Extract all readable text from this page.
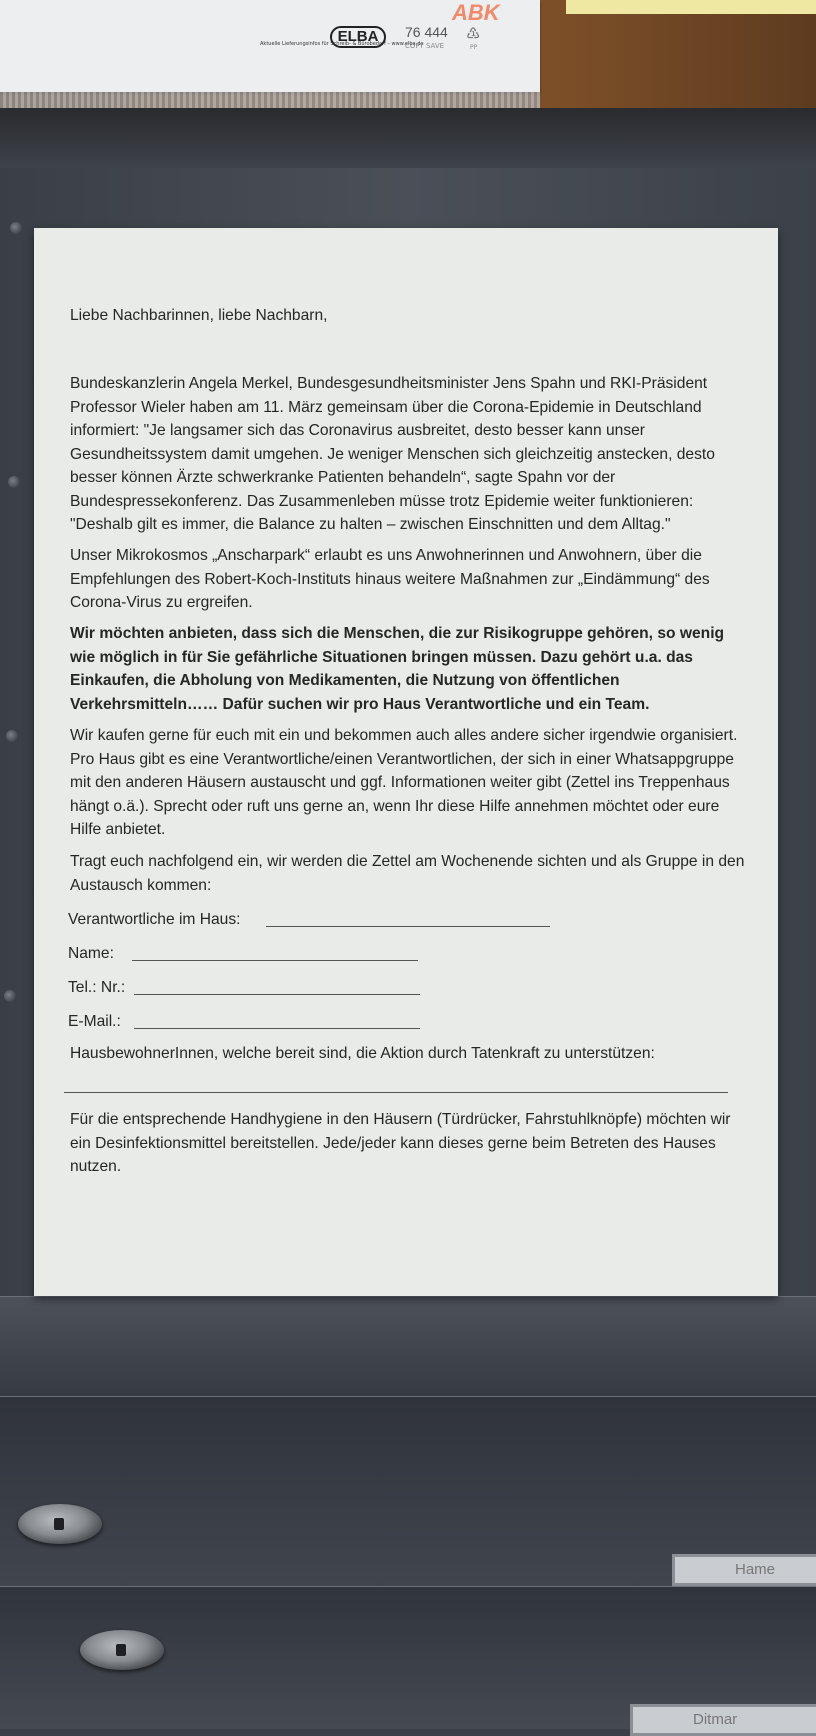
Aktuelle Lieferungsinfos für Schreib- & Bürobedarf – www.elba.de
ELBA	76 444
COPY SAVE
ABK
♳
PP
Hame
Ditmar

Liebe Nachbarinnen, liebe Nachbarn,

Bundeskanzlerin Angela Merkel, Bundesgesundheitsminister Jens Spahn und RKI-Präsident Professor Wieler haben am 11. März gemeinsam über die Corona-Epidemie in Deutschland informiert: "Je langsamer sich das Coronavirus ausbreitet, desto besser kann unser Gesundheitssystem damit umgehen. Je weniger Menschen sich gleichzeitig anstecken, desto besser können Ärzte schwerkranke Patienten behandeln“, sagte Spahn vor der Bundespressekonferenz. Das Zusammenleben müsse trotz Epidemie weiter funktionieren: "Deshalb gilt es immer, die Balance zu halten – zwischen Einschnitten und dem Alltag."

Unser Mikrokosmos „Anscharpark“ erlaubt es uns Anwohnerinnen und Anwohnern, über die Empfehlungen des Robert-Koch-Instituts hinaus weitere Maßnahmen zur „Eindämmung“ des Corona-Virus zu ergreifen.

Wir möchten anbieten, dass sich die Menschen, die zur Risikogruppe gehören, so wenig wie möglich in für Sie gefährliche Situationen bringen müssen. Dazu gehört u.a. das Einkaufen, die Abholung von Medikamenten, die Nutzung von öffentlichen Verkehrsmitteln…… Dafür suchen wir pro Haus Verantwortliche und ein Team.

Wir kaufen gerne für euch mit ein und bekommen auch alles andere sicher irgendwie organisiert. Pro Haus gibt es eine Verantwortliche/einen Verantwortlichen, der sich in einer Whatsappgruppe mit den anderen Häusern austauscht und ggf. Informationen weiter gibt (Zettel ins Treppenhaus hängt o.ä.). Sprecht oder ruft uns gerne an, wenn Ihr diese Hilfe annehmen möchtet oder eure Hilfe anbietet.

Tragt euch nachfolgend ein, wir werden die Zettel am Wochenende sichten und als Gruppe in den Austausch kommen:

Verantwortliche im Haus:
Name:
Tel.: Nr.:
E-Mail.:

HausbewohnerInnen, welche bereit sind, die Aktion durch Tatenkraft zu unterstützen:

Für die entsprechende Handhygiene in den Häusern (Türdrücker, Fahrstuhlknöpfe) möchten wir ein Desinfektionsmittel bereitstellen. Jede/jeder kann dieses gerne beim Betreten des Hauses nutzen.
